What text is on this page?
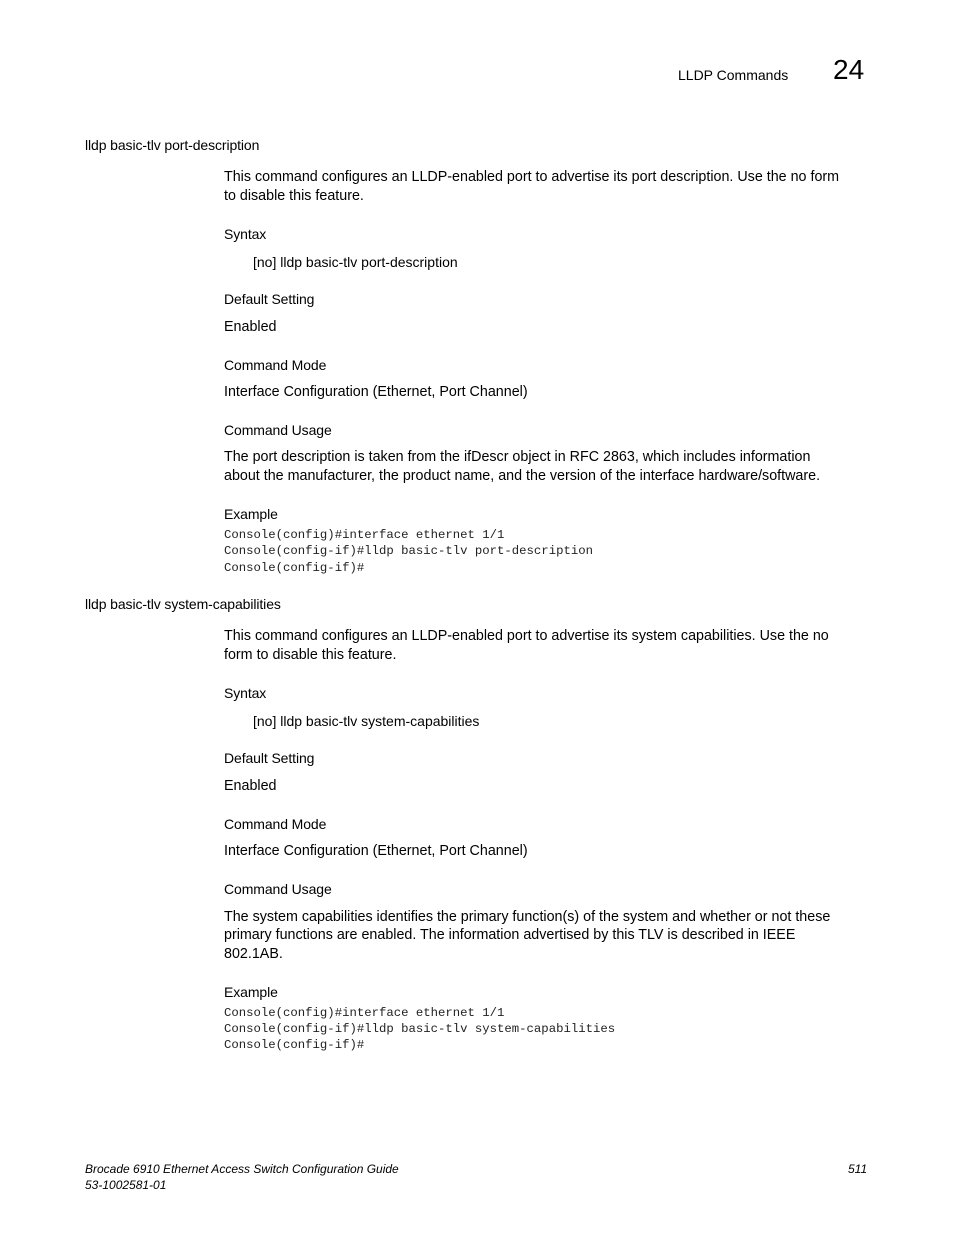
LLDP Commands 24
lldp basic-tlv port-description
This command configures an LLDP-enabled port to advertise its port description. Use the no form
to disable this feature.
Syntax
[no] lldp basic-tlv port-description
Default Setting
Enabled
Command Mode
Interface Configuration (Ethernet, Port Channel)
Command Usage
The port description is taken from the ifDescr object in RFC 2863, which includes information
about the manufacturer, the product name, and the version of the interface hardware/software.
Example
Console(config)#interface ethernet 1/1
Console(config-if)#lldp basic-tlv port-description
Console(config-if)#
lldp basic-tlv system-capabilities
This command configures an LLDP-enabled port to advertise its system capabilities. Use the no
form to disable this feature.
Syntax
[no] lldp basic-tlv system-capabilities
Default Setting
Enabled
Command Mode
Interface Configuration (Ethernet, Port Channel)
Command Usage
The system capabilities identifies the primary function(s) of the system and whether or not these
primary functions are enabled. The information advertised by this TLV is described in IEEE
802.1AB.
Example
Console(config)#interface ethernet 1/1
Console(config-if)#lldp basic-tlv system-capabilities
Console(config-if)#
Brocade 6910 Ethernet Access Switch Configuration Guide
53-1002581-01
511
